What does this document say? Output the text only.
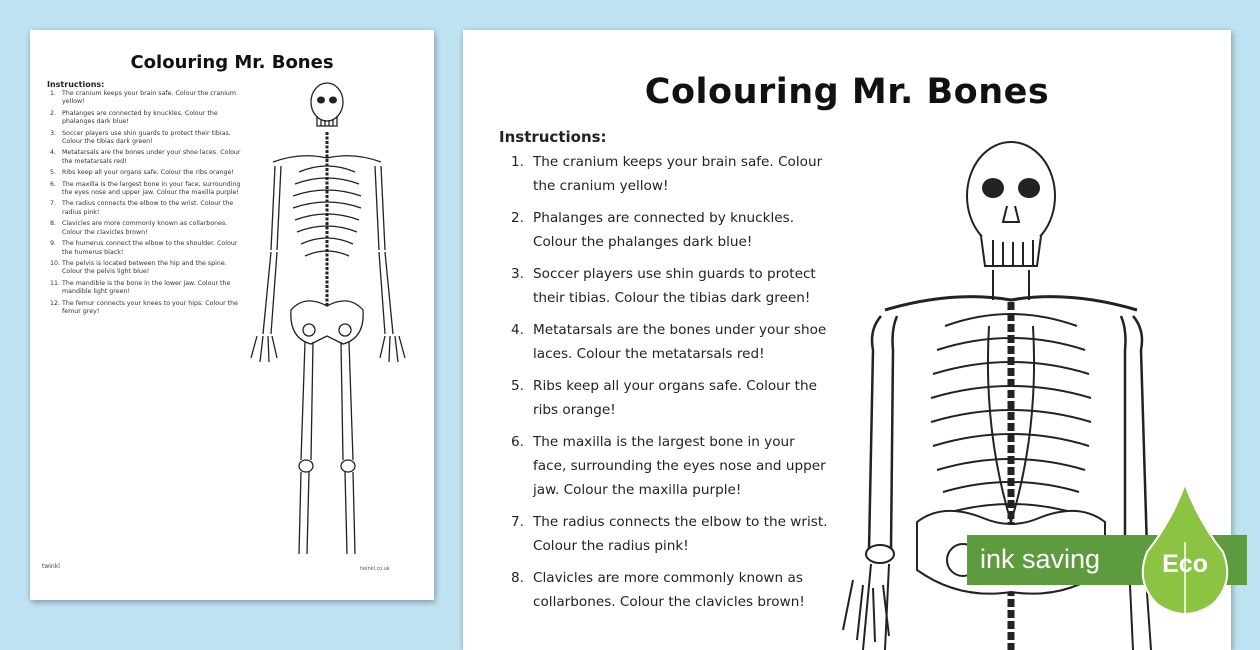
Colouring Mr. Bones
Instructions:
1. The cranium keeps your brain safe. Colour the cranium yellow!
2. Phalanges are connected by knuckles. Colour the phalanges dark blue!
3. Soccer players use shin guards to protect their tibias. Colour the tibias dark green!
4. Metatarsals are the bones under your shoe laces. Colour the metatarsals red!
5. Ribs keep all your organs safe. Colour the ribs orange!
6. The maxilla is the largest bone in your face, surrounding the eyes nose and upper jaw. Colour the maxilla purple!
7. The radius connects the elbow to the wrist. Colour the radius pink!
8. Clavicles are more commonly known as collarbones. Colour the clavicles brown!
9. The humerus connect the elbow to the shoulder. Colour the humerus black!
10. The pelvis is located between the hip and the spine. Colour the pelvis light blue!
11. The mandible is the bone in the lower jaw. Colour the mandible light green!
12. The femur connects your knees to your hips. Colour the femur grey!
twinkl	twinkl.co.uk
Colouring Mr. Bones
Instructions:
1. The cranium keeps your brain safe. Colour the cranium yellow!
2. Phalanges are connected by knuckles. Colour the phalanges dark blue!
3. Soccer players use shin guards to protect their tibias. Colour the tibias dark green!
4. Metatarsals are the bones under your shoe laces. Colour the metatarsals red!
5. Ribs keep all your organs safe. Colour the ribs orange!
6. The maxilla is the largest bone in your face, surrounding the eyes nose and upper jaw. Colour the maxilla purple!
7. The radius connects the elbow to the wrist. Colour the radius pink!
8. Clavicles are more commonly known as collarbones. Colour the clavicles brown!
ink saving Eco
